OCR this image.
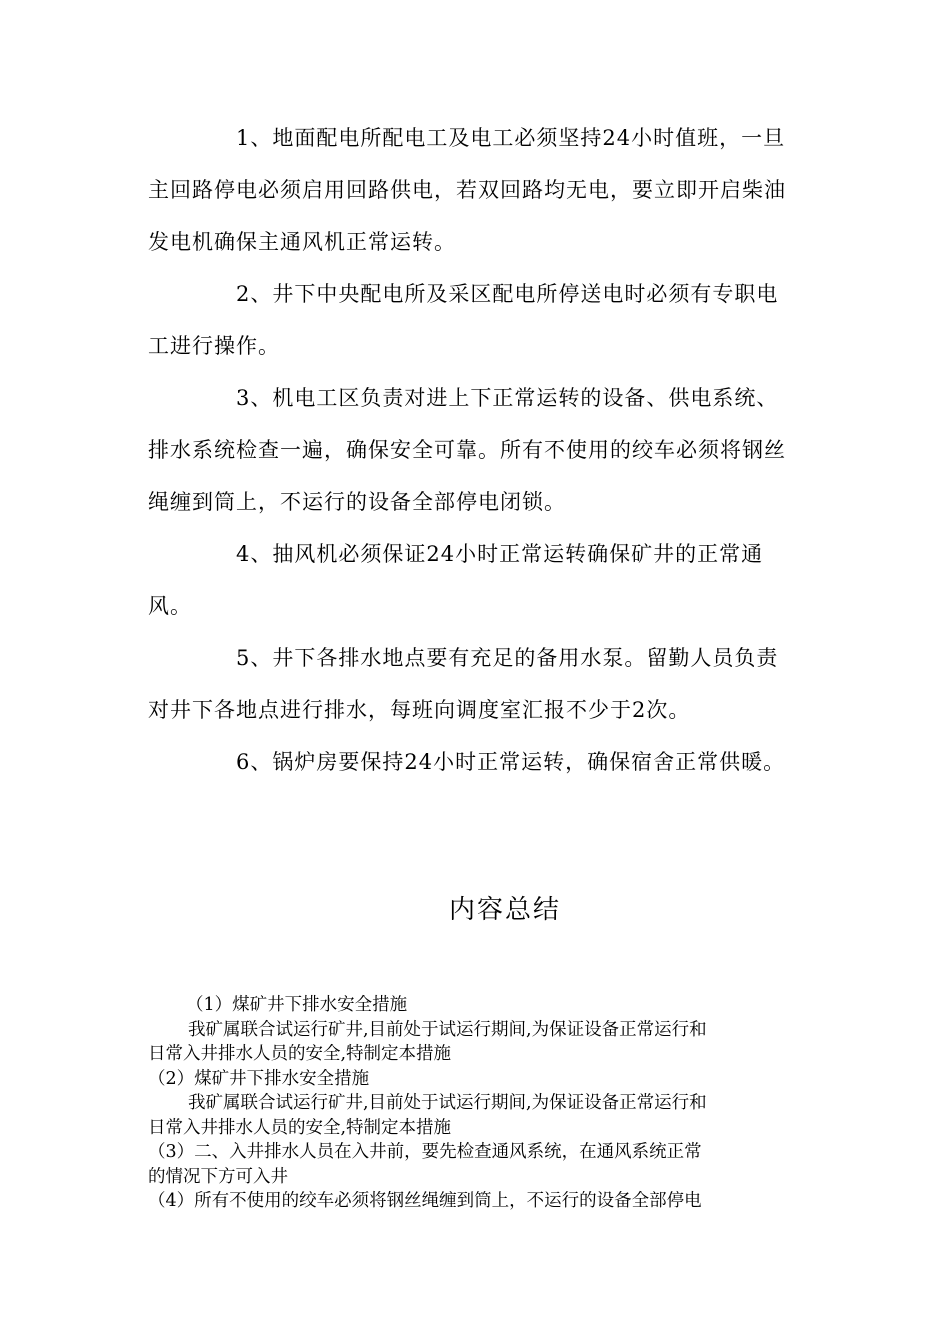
1、地面配电所配电工及电工必须坚持24小时值班，一旦主回路停电必须启用回路供电，若双回路均无电，要立即开启柴油发电机确保主通风机正常运转。

2、井下中央配电所及采区配电所停送电时必须有专职电工进行操作。

3、机电工区负责对进上下正常运转的设备、供电系统、排水系统检查一遍，确保安全可靠。所有不使用的绞车必须将钢丝绳缠到筒上，不运行的设备全部停电闭锁。

4、抽风机必须保证24小时正常运转确保矿井的正常通风。

5、井下各排水地点要有充足的备用水泵。留勤人员负责对井下各地点进行排水，每班向调度室汇报不少于2次。

6、锅炉房要保持24小时正常运转，确保宿舍正常供暖。

内容总结

（1）煤矿井下排水安全措施

我矿属联合试运行矿井,目前处于试运行期间,为保证设备正常运行和

日常入井排水人员的安全,特制定本措施

（2）煤矿井下排水安全措施

我矿属联合试运行矿井,目前处于试运行期间,为保证设备正常运行和

日常入井排水人员的安全,特制定本措施

（3）二、入井排水人员在入井前，要先检查通风系统，在通风系统正常

的情况下方可入井

（4）所有不使用的绞车必须将钢丝绳缠到筒上，不运行的设备全部停电
